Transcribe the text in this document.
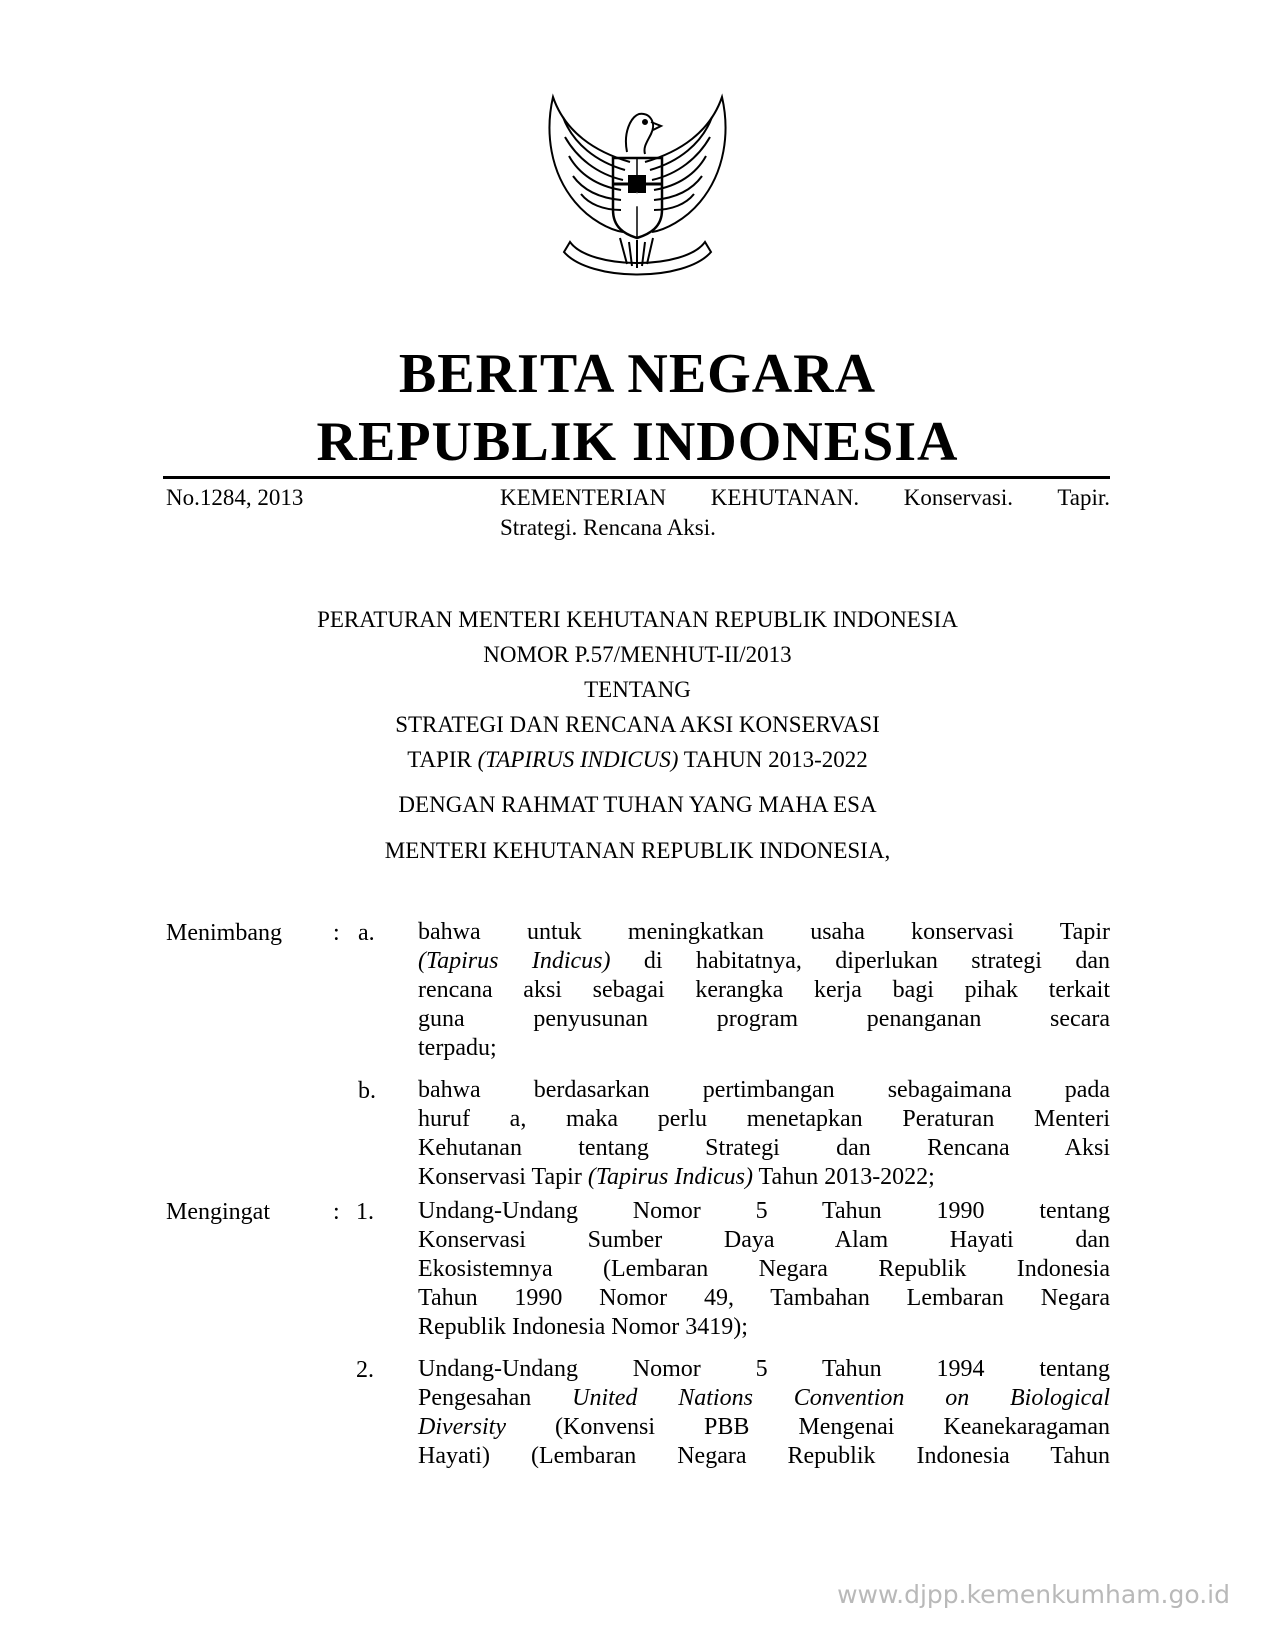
BERITA NEGARA
REPUBLIK INDONESIA
No.1284, 2013	KEMENTERIAN KEHUTANAN. Konservasi. Tapir.
Strategi. Rencana Aksi.
PERATURAN MENTERI KEHUTANAN REPUBLIK INDONESIA
NOMOR P.57/MENHUT-II/2013
TENTANG
STRATEGI DAN RENCANA AKSI KONSERVASI
TAPIR (TAPIRUS INDICUS) TAHUN 2013-2022
DENGAN RAHMAT TUHAN YANG MAHA ESA
MENTERI KEHUTANAN REPUBLIK INDONESIA,
Menimbang : a. bahwa untuk meningkatkan usaha konservasi Tapir
(Tapirus Indicus) di habitatnya, diperlukan strategi dan
rencana aksi sebagai kerangka kerja bagi pihak terkait
guna penyusunan program penanganan secara
terpadu;
b. bahwa berdasarkan pertimbangan sebagaimana pada
huruf a, maka perlu menetapkan Peraturan Menteri
Kehutanan tentang Strategi dan Rencana Aksi
Konservasi Tapir (Tapirus Indicus) Tahun 2013-2022;
Mengingat	: 1. Undang-Undang Nomor 5 Tahun 1990 tentang
Konservasi Sumber Daya Alam Hayati dan
Ekosistemnya (Lembaran Negara Republik Indonesia
Tahun 1990 Nomor 49, Tambahan Lembaran Negara
Republik Indonesia Nomor 3419);
2. Undang-Undang Nomor 5 Tahun 1994 tentang
Pengesahan United Nations Convention on Biological
Diversity (Konvensi PBB Mengenai Keanekaragaman
Hayati) (Lembaran Negara Republik Indonesia Tahun
www.djpp.kemenkumham.go.id
